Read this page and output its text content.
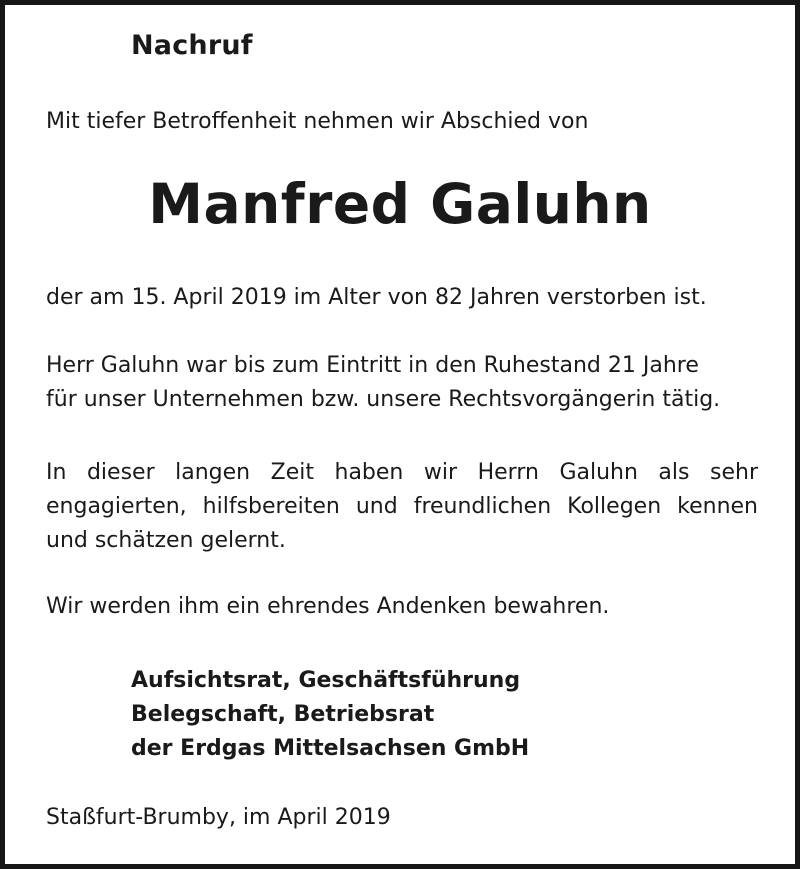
Nachruf
Mit tiefer Betroffenheit nehmen wir Abschied von
Manfred Galuhn
der am 15. April 2019 im Alter von 82 Jahren verstorben ist.
Herr Galuhn war bis zum Eintritt in den Ruhestand 21 Jahre
für unser Unternehmen bzw. unsere Rechtsvorgängerin tätig.
In dieser langen Zeit haben wir Herrn Galuhn als sehr
engagierten, hilfsbereiten und freundlichen Kollegen kennen
und schätzen gelernt.
Wir werden ihm ein ehrendes Andenken bewahren.
Aufsichtsrat, Geschäftsführung
Belegschaft, Betriebsrat
der Erdgas Mittelsachsen GmbH
Staßfurt-Brumby, im April 2019
